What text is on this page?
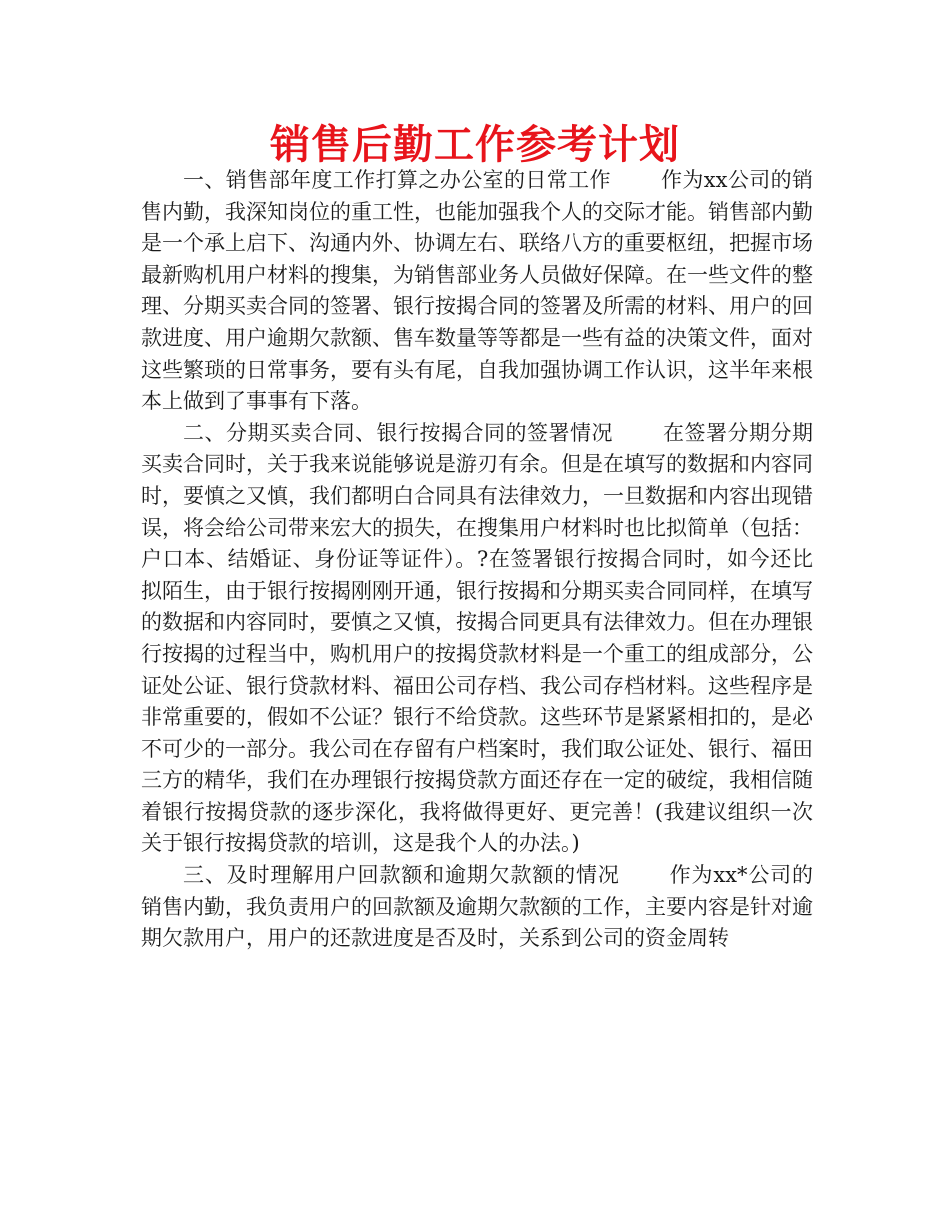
销售后勤工作参考计划

一、销售部年度工作打算之办公室的日常工作 作为xx公司的销售内勤，我深知岗位的重工性，也能加强我个人的交际才能。销售部内勤是一个承上启下、沟通内外、协调左右、联络八方的重要枢纽，把握市场最新购机用户材料的搜集，为销售部业务人员做好保障。在一些文件的整理、分期买卖合同的签署、银行按揭合同的签署及所需的材料、用户的回款进度、用户逾期欠款额、售车数量等等都是一些有益的决策文件，面对这些繁琐的日常事务，要有头有尾，自我加强协调工作认识，这半年来根本上做到了事事有下落。

二、分期买卖合同、银行按揭合同的签署情况 在签署分期分期买卖合同时，关于我来说能够说是游刃有余。但是在填写的数据和内容同时，要慎之又慎，我们都明白合同具有法律效力，一旦数据和内容出现错误，将会给公司带来宏大的损失，在搜集用户材料时也比拟简单（包括：户口本、结婚证、身份证等证件）。?在签署银行按揭合同时，如今还比拟陌生，由于银行按揭刚刚开通，银行按揭和分期买卖合同同样，在填写的数据和内容同时，要慎之又慎，按揭合同更具有法律效力。但在办理银行按揭的过程当中，购机用户的按揭贷款材料是一个重工的组成部分，公证处公证、银行贷款材料、福田公司存档、我公司存档材料。这些程序是非常重要的，假如不公证？银行不给贷款。这些环节是紧紧相扣的，是必不可少的一部分。我公司在存留有户档案时，我们取公证处、银行、福田三方的精华，我们在办理银行按揭贷款方面还存在一定的破绽，我相信随着银行按揭贷款的逐步深化，我将做得更好、更完善！(我建议组织一次关于银行按揭贷款的培训，这是我个人的办法。)

三、及时理解用户回款额和逾期欠款额的情况 作为xx*公司的销售内勤，我负责用户的回款额及逾期欠款额的工作，主要内容是针对逾期欠款用户，用户的还款进度是否及时，关系到公司的资金周转
